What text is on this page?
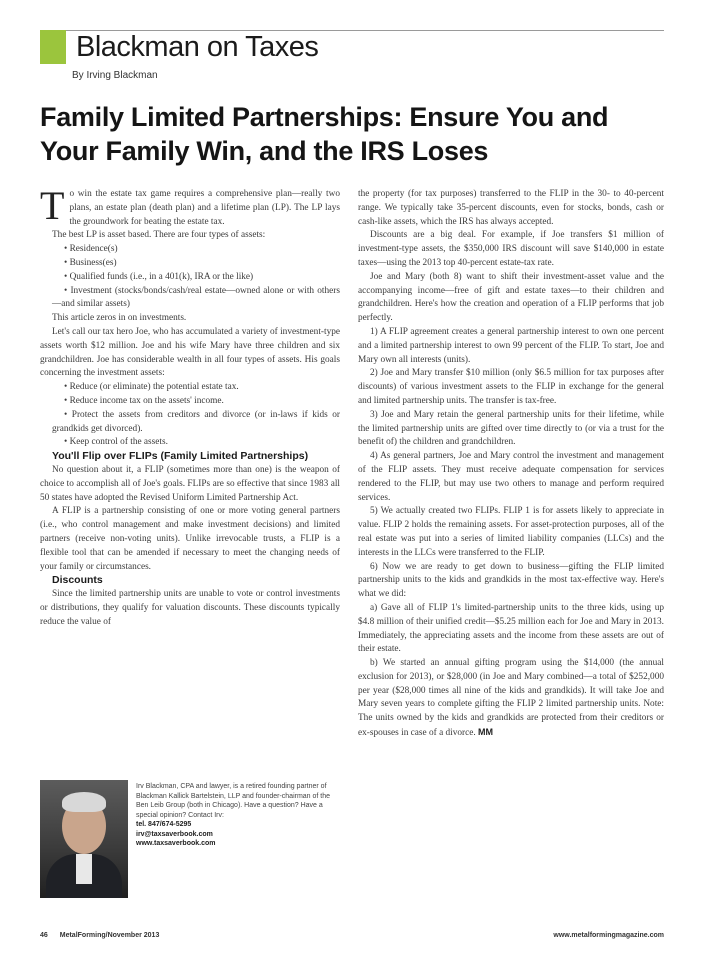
Blackman on Taxes
By Irving Blackman
Family Limited Partnerships: Ensure You and Your Family Win, and the IRS Loses

To win the estate tax game requires a comprehensive plan—really two plans, an estate plan (death plan) and a lifetime plan (LP). The LP lays the groundwork for beating the estate tax.

The best LP is asset based. There are four types of assets:

• Residence(s)

• Business(es)

• Qualified funds (i.e., in a 401(k), IRA or the like)

• Investment (stocks/bonds/cash/real estate—owned alone or with others—and similar assets)

This article zeros in on investments.

Let's call our tax hero Joe, who has accumulated a variety of investment-type assets worth $12 million. Joe and his wife Mary have three children and six grandchildren. Joe has considerable wealth in all four types of assets. His goals concerning the investment assets:

• Reduce (or eliminate) the potential estate tax.

• Reduce income tax on the assets' income.

• Protect the assets from creditors and divorce (or in-laws if kids or grandkids get divorced).

• Keep control of the assets.

You'll Flip over FLIPs (Family Limited Partnerships)

No question about it, a FLIP (sometimes more than one) is the weapon of choice to accomplish all of Joe's goals. FLIPs are so effective that since 1983 all 50 states have adopted the Revised Uniform Limited Partnership Act.

A FLIP is a partnership consisting of one or more voting general partners (i.e., who control management and make investment decisions) and limited partners (receive non-voting units). Unlike irrevocable trusts, a FLIP is a flexible tool that can be amended if necessary to meet the changing needs of your family or circumstances.

Discounts

Since the limited partnership units are unable to vote or control investments or distributions, they qualify for valuation discounts. These discounts typically reduce the value of

the property (for tax purposes) transferred to the FLIP in the 30- to 40-percent range. We typically take 35-percent discounts, even for stocks, bonds, cash or cash-like assets, which the IRS has always accepted.

Discounts are a big deal. For example, if Joe transfers $1 million of investment-type assets, the $350,000 IRS discount will save $140,000 in estate taxes—using the 2013 top 40-percent estate-tax rate.

Joe and Mary (both 8) want to shift their investment-asset value and the accompanying income—free of gift and estate taxes—to their children and grandchildren. Here's how the creation and operation of a FLIP performs that job perfectly.

1) A FLIP agreement creates a general partnership interest to own one percent and a limited partnership interest to own 99 percent of the FLIP. To start, Joe and Mary own all interests (units).

2) Joe and Mary transfer $10 million (only $6.5 million for tax purposes after discounts) of various investment assets to the FLIP in exchange for the general and limited partnership units. The transfer is tax-free.

3) Joe and Mary retain the general partnership units for their lifetime, while the limited partnership units are gifted over time directly to (or via a trust for the benefit of) the children and grandchildren.

4) As general partners, Joe and Mary control the investment and management of the FLIP assets. They must receive adequate compensation for services rendered to the FLIP, but may use two others to manage and perform required services.

5) We actually created two FLIPs. FLIP 1 is for assets likely to appreciate in value. FLIP 2 holds the remaining assets. For asset-protection purposes, all of the real estate was put into a series of limited liability companies (LLCs) and the interests in the LLCs were transferred to the FLIP.

6) Now we are ready to get down to business—gifting the FLIP limited partnership units to the kids and grandkids in the most tax-effective way. Here's what we did:

a) Gave all of FLIP 1's limited-partnership units to the three kids, using up $4.8 million of their unified credit—$5.25 million each for Joe and Mary in 2013. Immediately, the appreciating assets and the income from these assets are out of their estate.

b) We started an annual gifting program using the $14,000 (the annual exclusion for 2013), or $28,000 (in Joe and Mary combined—a total of $252,000 per year ($28,000 times all nine of the kids and grandkids). It will take Joe and Mary seven years to complete gifting the FLIP 2 limited partnership units. Note: The units owned by the kids and grandkids are protected from their creditors or ex-spouses in case of a divorce. MM

Irv Blackman, CPA and lawyer, is a retired founding partner of Blackman Kallick Bartelstein, LLP and founder-chairman of the Ben Leib Group (both in Chicago). Have a question? Have a special opinion? Contact Irv:
tel. 847/674-5295
irv@taxsaverbook.com
www.taxsaverbook.com
46 MetalForming/November 2013	www.metalformingmagazine.com
